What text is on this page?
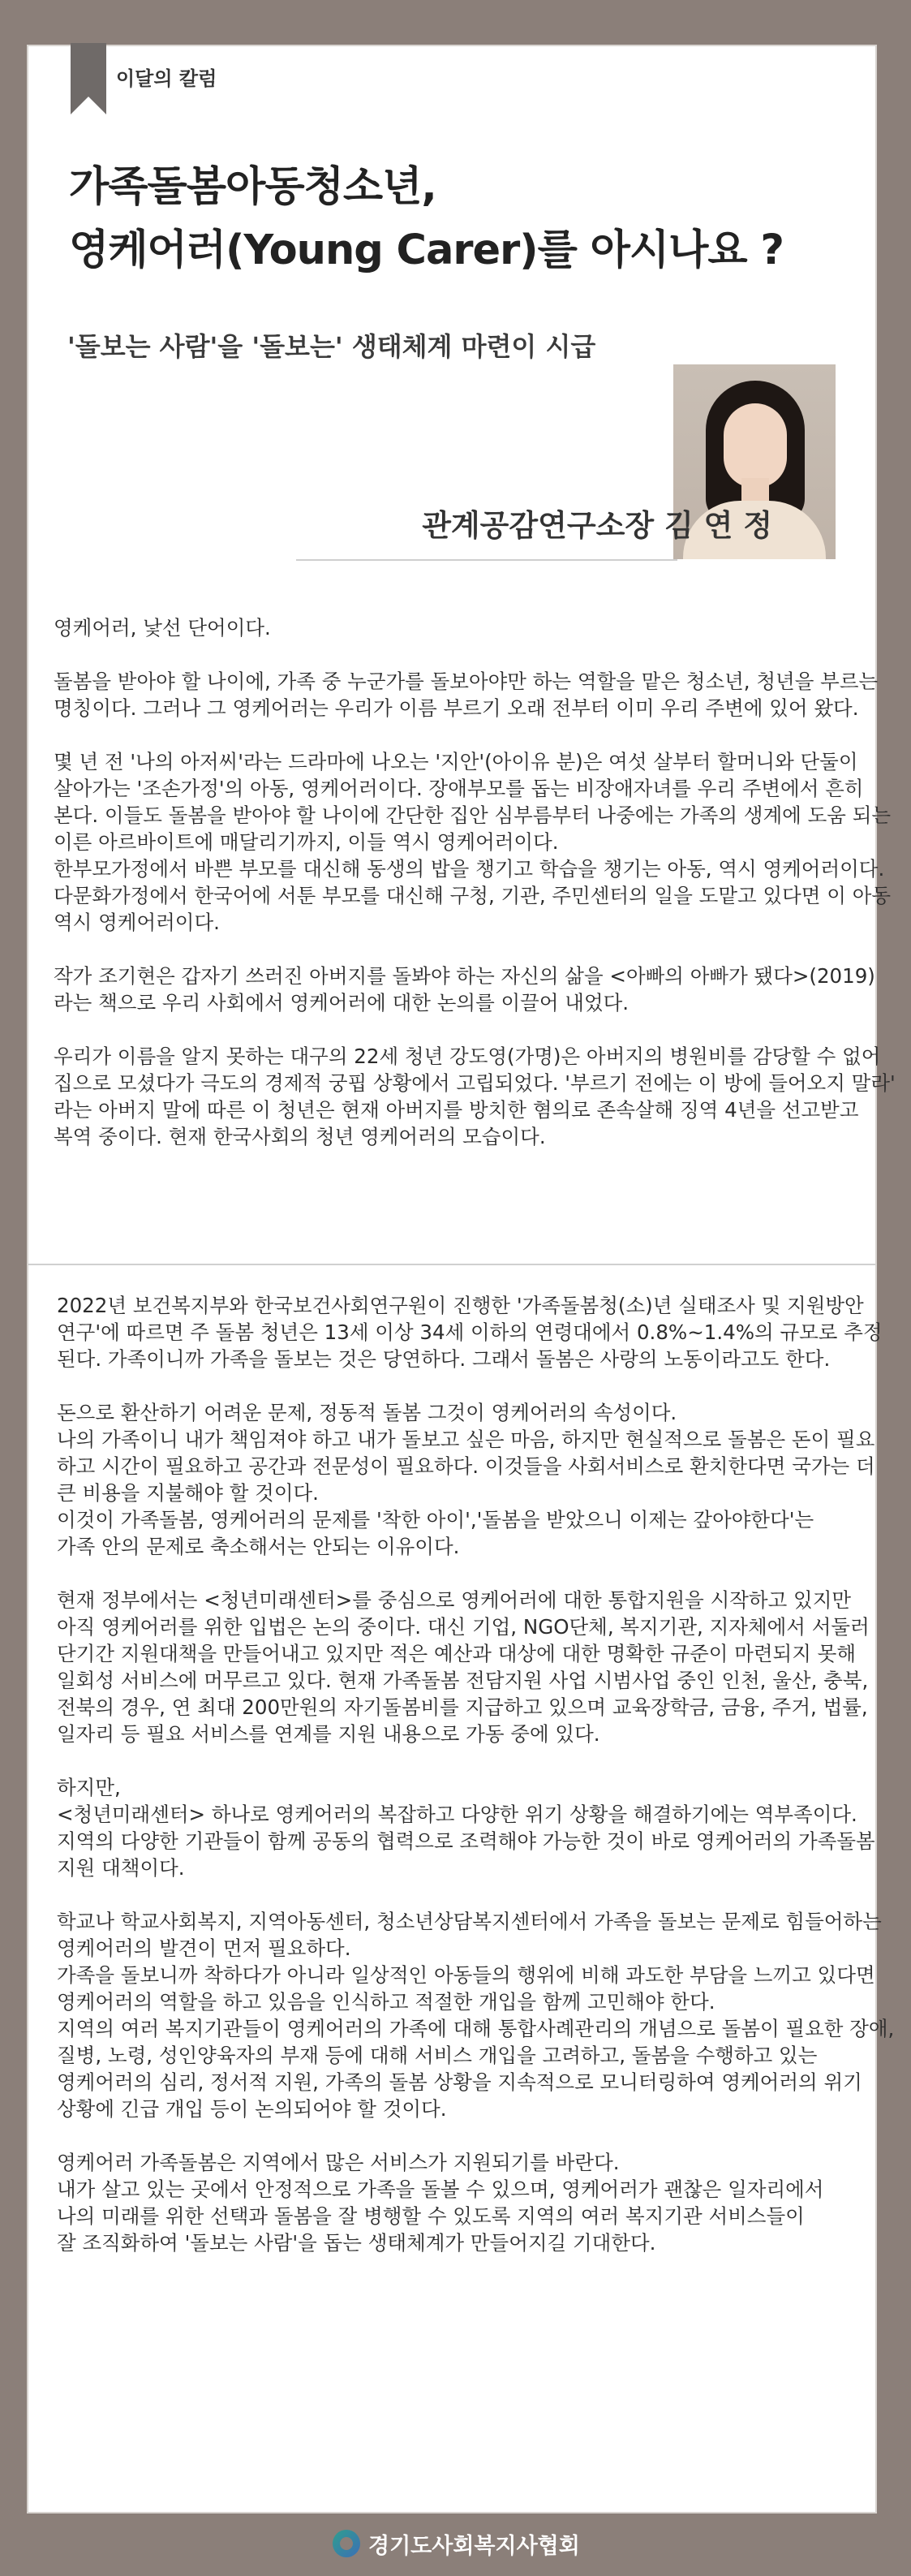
이달의 칼럼
가족돌봄아동청소년,
영케어러(Young Carer)를 아시나요 ?
'돌보는 사람'을 '돌보는' 생태체계 마련이 시급
관계공감연구소장 김 연 정
영케어러, 낯선 단어이다.
돌봄을 받아야 할 나이에, 가족 중 누군가를 돌보아야만 하는 역할을 맡은 청소년, 청년을 부르는
명칭이다. 그러나 그 영케어러는 우리가 이름 부르기 오래 전부터 이미 우리 주변에 있어 왔다.
몇 년 전 '나의 아저씨'라는 드라마에 나오는 '지안'(아이유 분)은 여섯 살부터 할머니와 단둘이
살아가는 '조손가정'의 아동, 영케어러이다. 장애부모를 돕는 비장애자녀를 우리 주변에서 흔히
본다. 이들도 돌봄을 받아야 할 나이에 간단한 집안 심부름부터 나중에는 가족의 생계에 도움 되는
이른 아르바이트에 매달리기까지, 이들 역시 영케어러이다.
한부모가정에서 바쁜 부모를 대신해 동생의 밥을 챙기고 학습을 챙기는 아동, 역시 영케어러이다.
다문화가정에서 한국어에 서툰 부모를 대신해 구청, 기관, 주민센터의 일을 도맡고 있다면 이 아동
역시 영케어러이다.
작가 조기현은 갑자기 쓰러진 아버지를 돌봐야 하는 자신의 삶을 <아빠의 아빠가 됐다>(2019)
라는 책으로 우리 사회에서 영케어러에 대한 논의를 이끌어 내었다.
우리가 이름을 알지 못하는 대구의 22세 청년 강도영(가명)은 아버지의 병원비를 감당할 수 없어
집으로 모셨다가 극도의 경제적 궁핍 상황에서 고립되었다. '부르기 전에는 이 방에 들어오지 말라'
라는 아버지 말에 따른 이 청년은 현재 아버지를 방치한 혐의로 존속살해 징역 4년을 선고받고
복역 중이다. 현재 한국사회의 청년 영케어러의 모습이다.
2022년 보건복지부와 한국보건사회연구원이 진행한 '가족돌봄청(소)년 실태조사 및 지원방안
연구'에 따르면 주 돌봄 청년은 13세 이상 34세 이하의 연령대에서 0.8%~1.4%의 규모로 추정
된다. 가족이니까 가족을 돌보는 것은 당연하다. 그래서 돌봄은 사랑의 노동이라고도 한다.
돈으로 환산하기 어려운 문제, 정동적 돌봄 그것이 영케어러의 속성이다.
나의 가족이니 내가 책임져야 하고 내가 돌보고 싶은 마음, 하지만 현실적으로 돌봄은 돈이 필요
하고 시간이 필요하고 공간과 전문성이 필요하다. 이것들을 사회서비스로 환치한다면 국가는 더
큰 비용을 지불해야 할 것이다.
이것이 가족돌봄, 영케어러의 문제를 '착한 아이','돌봄을 받았으니 이제는 갚아야한다'는
가족 안의 문제로 축소해서는 안되는 이유이다.
현재 정부에서는 <청년미래센터>를 중심으로 영케어러에 대한 통합지원을 시작하고 있지만
아직 영케어러를 위한 입법은 논의 중이다. 대신 기업, NGO단체, 복지기관, 지자체에서 서둘러
단기간 지원대책을 만들어내고 있지만 적은 예산과 대상에 대한 명확한 규준이 마련되지 못해
일회성 서비스에 머무르고 있다. 현재 가족돌봄 전담지원 사업 시범사업 중인 인천, 울산, 충북,
전북의 경우, 연 최대 200만원의 자기돌봄비를 지급하고 있으며 교육장학금, 금융, 주거, 법률,
일자리 등 필요 서비스를 연계를 지원 내용으로 가동 중에 있다.
하지만,
<청년미래센터> 하나로 영케어러의 복잡하고 다양한 위기 상황을 해결하기에는 역부족이다.
지역의 다양한 기관들이 함께 공동의 협력으로 조력해야 가능한 것이 바로 영케어러의 가족돌봄
지원 대책이다.
학교나 학교사회복지, 지역아동센터, 청소년상담복지센터에서 가족을 돌보는 문제로 힘들어하는
영케어러의 발견이 먼저 필요하다.
가족을 돌보니까 착하다가 아니라 일상적인 아동들의 행위에 비해 과도한 부담을 느끼고 있다면
영케어러의 역할을 하고 있음을 인식하고 적절한 개입을 함께 고민해야 한다.
지역의 여러 복지기관들이 영케어러의 가족에 대해 통합사례관리의 개념으로 돌봄이 필요한 장애,
질병, 노령, 성인양육자의 부재 등에 대해 서비스 개입을 고려하고, 돌봄을 수행하고 있는
영케어러의 심리, 정서적 지원, 가족의 돌봄 상황을 지속적으로 모니터링하여 영케어러의 위기
상황에 긴급 개입 등이 논의되어야 할 것이다.
영케어러 가족돌봄은 지역에서 많은 서비스가 지원되기를 바란다.
내가 살고 있는 곳에서 안정적으로 가족을 돌볼 수 있으며, 영케어러가 괜찮은 일자리에서
나의 미래를 위한 선택과 돌봄을 잘 병행할 수 있도록 지역의 여러 복지기관 서비스들이
잘 조직화하여 '돌보는 사람'을 돕는 생태체계가 만들어지길 기대한다.
경기도사회복지사협회
